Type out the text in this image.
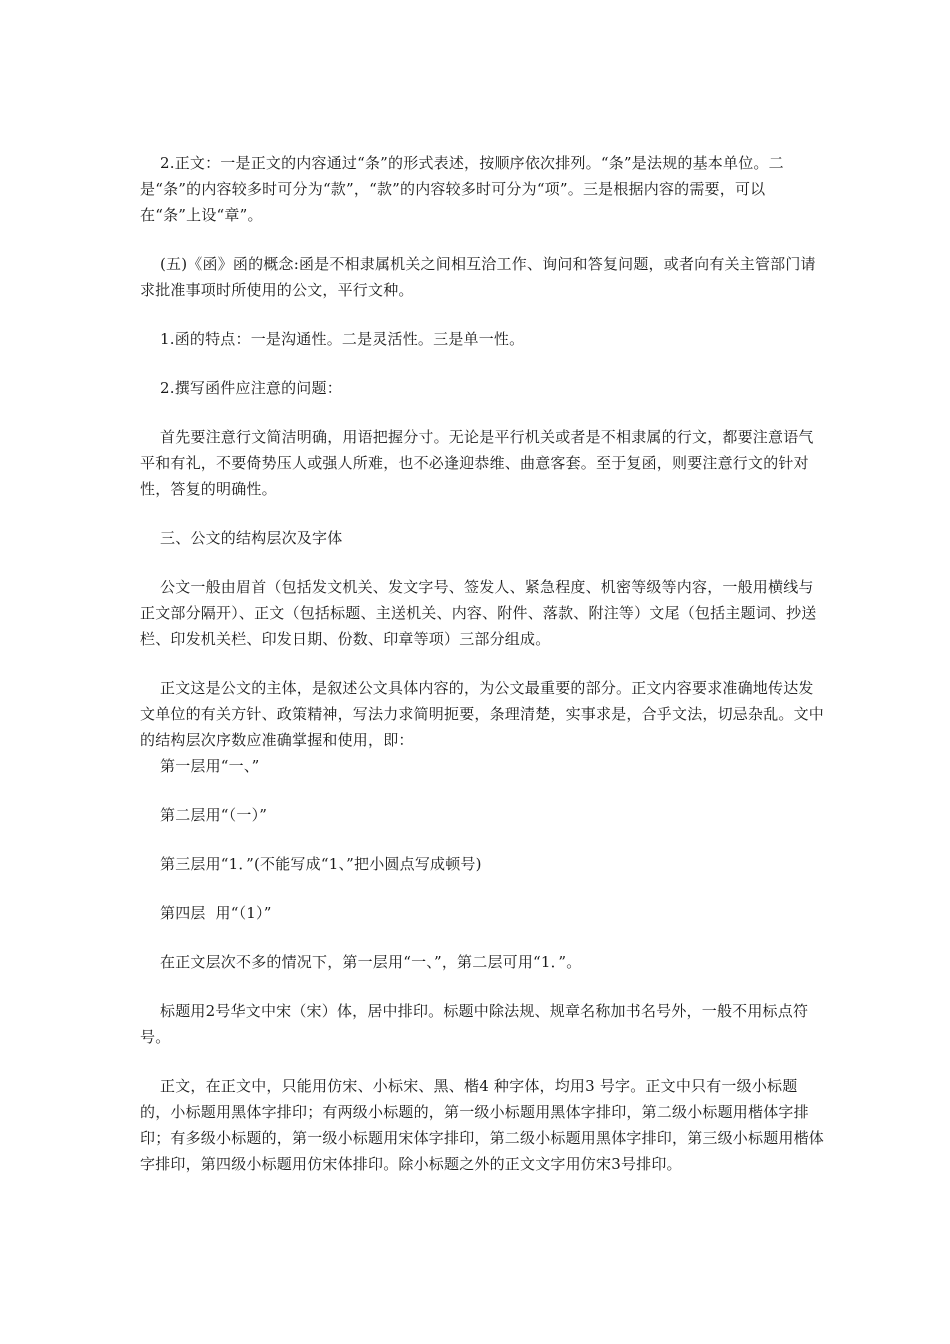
2.正文：一是正文的内容通过“条”的形式表述，按顺序依次排列。“条”是法规的基本单位。二是“条”的内容较多时可分为“款”，“款”的内容较多时可分为“项”。三是根据内容的需要，可以在“条”上设“章”。

(五)《函》函的概念:函是不相隶属机关之间相互洽工作、询问和答复问题，或者向有关主管部门请求批准事项时所使用的公文，平行文种。

1.函的特点：一是沟通性。二是灵活性。三是单一性。

2.撰写函件应注意的问题：

首先要注意行文简洁明确，用语把握分寸。无论是平行机关或者是不相隶属的行文，都要注意语气平和有礼，不要倚势压人或强人所难，也不必逢迎恭维、曲意客套。至于复函，则要注意行文的针对性，答复的明确性。

三、公文的结构层次及字体

公文一般由眉首（包括发文机关、发文字号、签发人、紧急程度、机密等级等内容，一般用横线与正文部分隔开）、正文（包括标题、主送机关、内容、附件、落款、附注等）文尾（包括主题词、抄送栏、印发机关栏、印发日期、份数、印章等项）三部分组成。

正文这是公文的主体，是叙述公文具体内容的，为公文最重要的部分。正文内容要求准确地传达发文单位的有关方针、政策精神，写法力求简明扼要，条理清楚，实事求是，合乎文法，切忌杂乱。文中的结构层次序数应准确掌握和使用，即：

第一层用“一、”

第二层用“（一）”

第三层用“1．”(不能写成“1、”把小圆点写成顿号)

第四层  用“（1）”

在正文层次不多的情况下，第一层用“一、”，第二层可用“1．”。

标题用2号华文中宋（宋）体，居中排印。标题中除法规、规章名称加书名号外，一般不用标点符号。

正文，在正文中，只能用仿宋、小标宋、黑、楷4 种字体，均用3 号字。正文中只有一级小标题的，小标题用黑体字排印；有两级小标题的，第一级小标题用黑体字排印，第二级小标题用楷体字排印；有多级小标题的，第一级小标题用宋体字排印，第二级小标题用黑体字排印，第三级小标题用楷体字排印，第四级小标题用仿宋体排印。除小标题之外的正文文字用仿宋3号排印。
